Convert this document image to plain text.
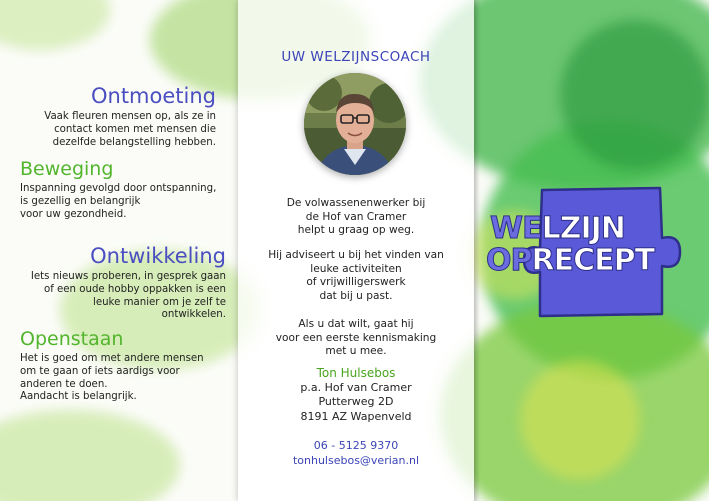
Ontmoeting

Vaak fleuren mensen op, als ze in

contact komen met mensen die

dezelfde belangstelling hebben.

Beweging

Inspanning gevolgd door ontspanning,

is gezellig en belangrijk

voor uw gezondheid.

Ontwikkeling

Iets nieuws proberen, in gesprek gaan

of een oude hobby oppakken is een

leuke manier om je zelf te

ontwikkelen.

Openstaan

Het is goed om met andere mensen

om te gaan of iets aardigs voor

anderen te doen.

Aandacht is belangrijk.

UW WELZIJNSCOACH
De volwassenenwerker bij
de Hof van Cramer
helpt u graag op weg.
Hij adviseert u bij het vinden van
leuke activiteiten
of vrijwilligerswerk
dat bij u past.
Als u dat wilt, gaat hij
voor een eerste kennismaking
met u mee.
Ton Hulsebos
p.a. Hof van Cramer
Putterweg 2D
8191 AZ Wapenveld
06 - 5125 9370
tonhulsebos@verian.nl
WELZIJN
OPRECEPT
